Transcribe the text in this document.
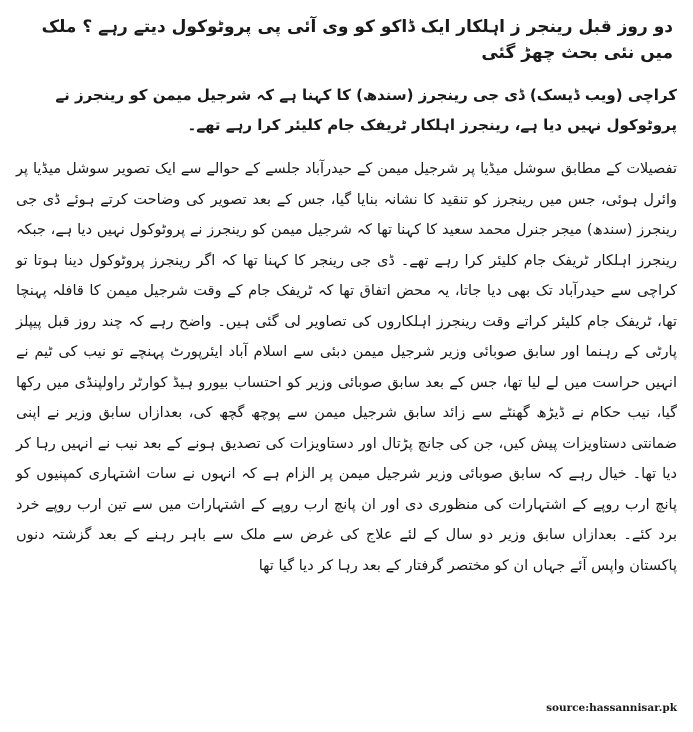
دو روز قبل رینجر ز اہلکار ایک ڈاکو کو وی آئی پی پروٹوکول دیتے رہے ؟ ملک میں نئی بحث چھڑ گئی

کراچی (ویب ڈیسک) ڈی جی رینجرز (سندھ) کا کہنا ہے کہ شرجیل میمن کو رینجرز نے پروٹوکول نہیں دیا ہے، رینجرز اہلکار ٹریفک جام کلیئر کرا رہے تھے۔

تفصیلات کے مطابق سوشل میڈیا پر شرجیل میمن کے حیدرآباد جلسے کے حوالے سے ایک تصویر سوشل میڈیا پر وائرل ہوئی، جس میں رینجرز کو تنقید کا نشانہ بنایا گیا، جس کے بعد تصویر کی وضاحت کرتے ہوئے ڈی جی رینجرز (سندھ) میجر جنرل محمد سعید کا کہنا تھا کہ شرجیل میمن کو رینجرز نے پروٹوکول نہیں دیا ہے، جبکہ رینجرز اہلکار ٹریفک جام کلیئر کرا رہے تھے۔ ڈی جی رینجر کا کہنا تھا کہ اگر رینجرز پروٹوکول دینا ہوتا تو کراچی سے حیدرآباد تک بھی دیا جاتا، یہ محض اتفاق تھا کہ ٹریفک جام کے وقت شرجیل میمن کا قافلہ پہنچا تھا، ٹریفک جام کلیئر کراتے وقت رینجرز اہلکاروں کی تصاویر لی گئی ہیں۔ واضح رہے کہ چند روز قبل پیپلز پارٹی کے رہنما اور سابق صوبائی وزیر شرجیل میمن دبئی سے اسلام آباد ایئرپورٹ پہنچے تو نیب کی ٹیم نے انہیں حراست میں لے لیا تھا، جس کے بعد سابق صوبائی وزیر کو احتساب بیورو ہیڈ کوارٹر راولپنڈی میں رکھا گیا، نیب حکام نے ڈیڑھ گھنٹے سے زائد سابق شرجیل میمن سے پوچھ گچھ کی، بعدازاں سابق وزیر نے اپنی ضمانتی دستاویزات پیش کیں، جن کی جانچ پڑتال اور دستاویزات کی تصدیق ہونے کے بعد نیب نے انہیں رہا کر دیا تھا۔ خیال رہے کہ سابق صوبائی وزیر شرجیل میمن پر الزام ہے کہ انہوں نے سات اشتہاری کمپنیوں کو پانچ ارب روپے کے اشتہارات کی منظوری دی اور ان پانچ ارب روپے کے اشتہارات میں سے تین ارب روپے خرد برد کئے۔ بعدازاں سابق وزیر دو سال کے لئے علاج کی غرض سے ملک سے باہر رہنے کے بعد گزشتہ دنوں پاکستان واپس آئے جہاں ان کو مختصر گرفتار کے بعد رہا کر دیا گیا تھا

source:hassannisar.pk
